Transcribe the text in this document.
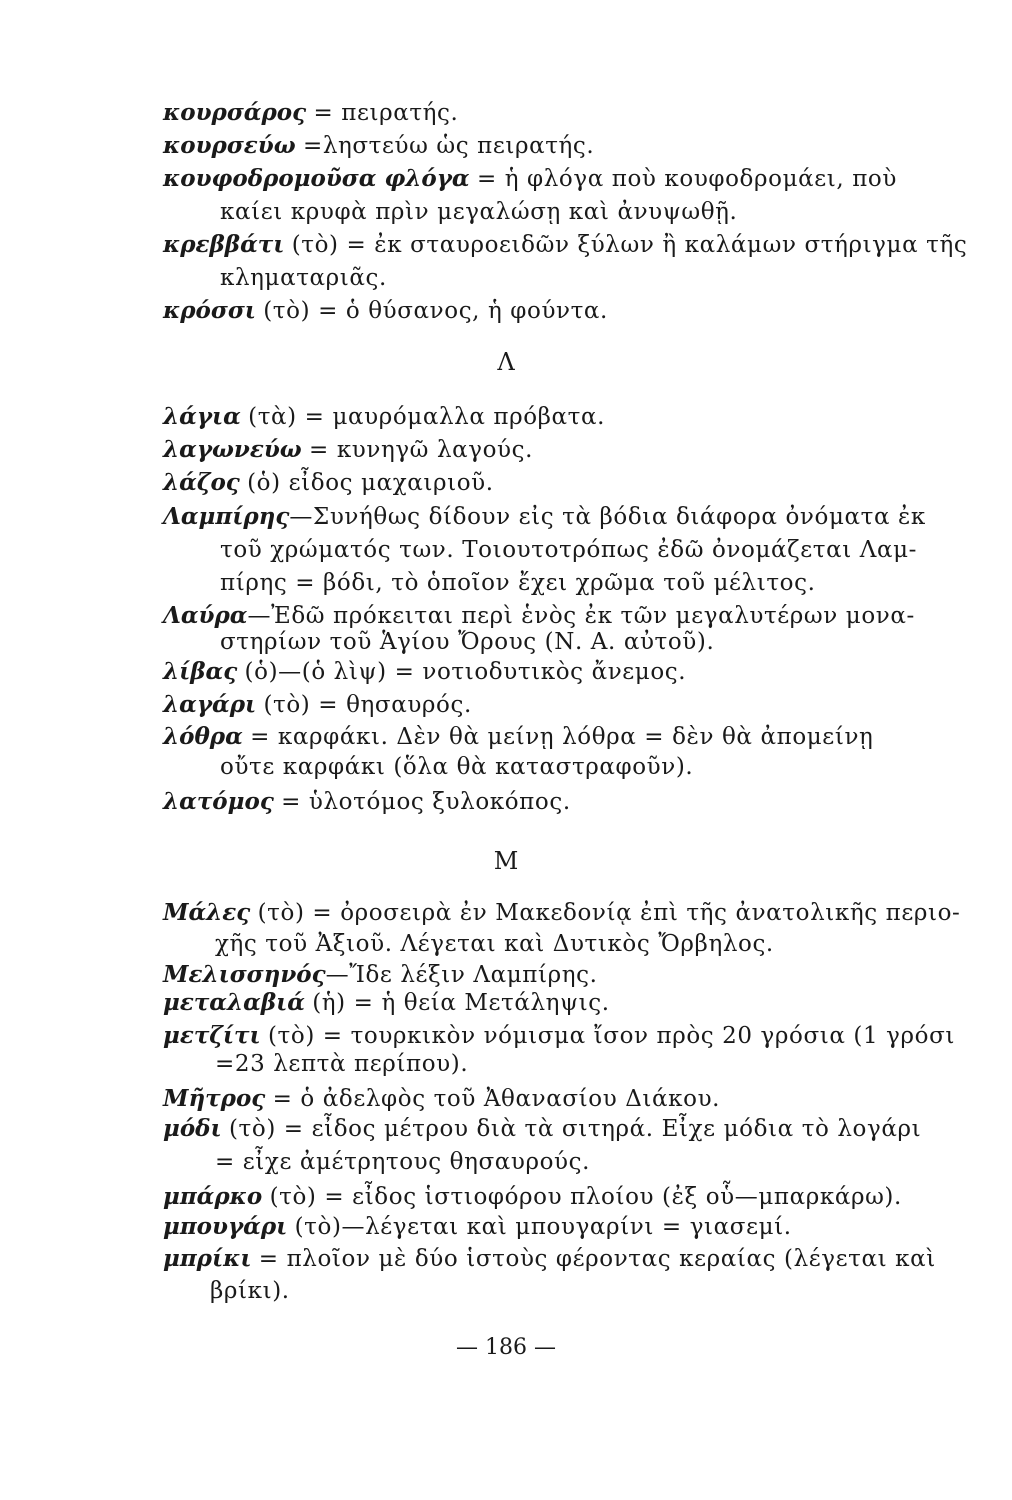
κουρσάρος = πειρατής.
κουρσεύω =ληστεύω ὡς πειρατής.
κουφοδρομοῦσα φλόγα = ἡ φλόγα ποὺ κουφοδρομάει, ποὺ
καίει κρυφὰ πρὶν μεγαλώσῃ καὶ ἀνυψωθῇ.
κρεββάτι (τὸ) = ἐκ σταυροειδῶν ξύλων ἢ καλάμων στήριγμα τῆς
κληματαριᾶς.
κρόσσι (τὸ) = ὁ θύσανος, ἡ φούντα.
Λ
λάγια (τὰ) = μαυρόμαλλα πρόβατα.
λαγωνεύω = κυνηγῶ λαγούς.
λάζος (ὁ) εἶδος μαχαιριοῦ.
Λαμπίρης—Συνήθως δίδουν εἰς τὰ βόδια διάφορα ὀνόματα ἐκ
τοῦ χρώματός των. Τοιουτοτρόπως ἐδῶ ὀνομάζεται Λαμ-
πίρης = βόδι, τὸ ὁποῖον ἔχει χρῶμα τοῦ μέλιτος.
Λαύρα—Ἐδῶ πρόκειται περὶ ἑνὸς ἐκ τῶν μεγαλυτέρων μονα-
στηρίων τοῦ Ἁγίου Ὄρους (Ν. Α. αὐτοῦ).
λίβας (ὁ)—(ὁ λὶψ) = νοτιοδυτικὸς ἄνεμος.
λαγάρι (τὸ) = θησαυρός.
λόθρα = καρφάκι. Δὲν θὰ μείνῃ λόθρα = δὲν θὰ ἀπομείνῃ
οὔτε καρφάκι (ὅλα θὰ καταστραφοῦν).
λατόμος = ὑλοτόμος ξυλοκόπος.
Μ
Μάλες (τὸ) = ὀροσειρὰ ἐν Μακεδονίᾳ ἐπὶ τῆς ἀνατολικῆς περιο-
χῆς τοῦ Ἀξιοῦ. Λέγεται καὶ Δυτικὸς Ὄρβηλος.
Μελισσηνός—Ἴδε λέξιν Λαμπίρης.
μεταλαβιά (ἡ) = ἡ θεία Μετάληψις.
μετζίτι (τὸ) = τουρκικὸν νόμισμα ἴσον πρὸς 20 γρόσια (1 γρόσι
=23 λεπτὰ περίπου).
Μῆτρος = ὁ ἀδελφὸς τοῦ Ἀθανασίου Διάκου.
μόδι (τὸ) = εἶδος μέτρου διὰ τὰ σιτηρά. Εἶχε μόδια τὸ λογάρι
= εἶχε ἀμέτρητους θησαυρούς.
μπάρκο (τὸ) = εἶδος ἱστιοφόρου πλοίου (ἐξ οὗ—μπαρκάρω).
μπουγάρι (τὸ)—λέγεται καὶ μπουγαρίνι = γιασεμί.
μπρίκι = πλοῖον μὲ δύο ἱστοὺς φέροντας κεραίας (λέγεται καὶ
βρίκι).
— 186 —
